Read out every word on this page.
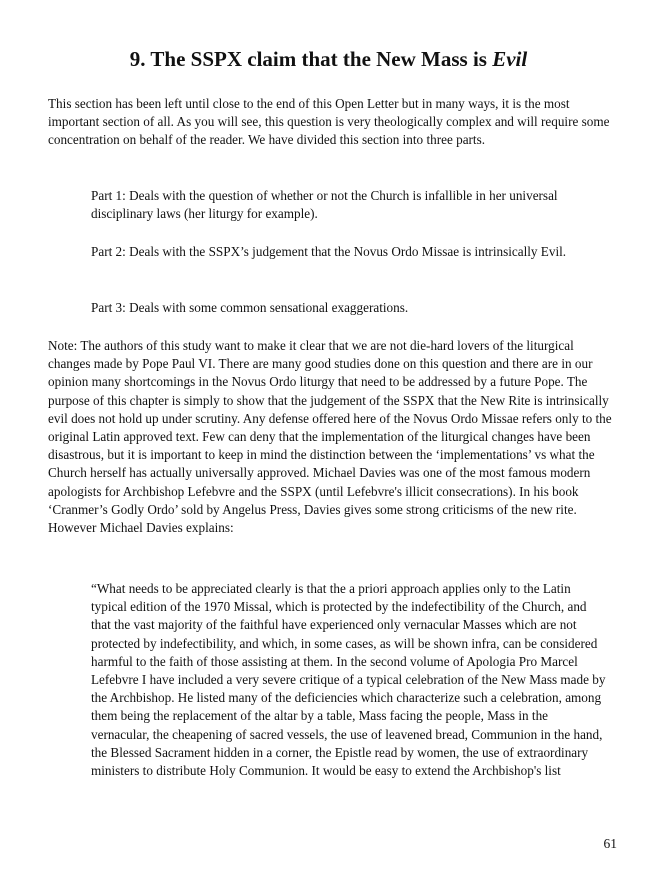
9. The SSPX claim that the New Mass is Evil

This section has been left until close to the end of this Open Letter but in many ways, it is the most important section of all. As you will see, this question is very theologically complex and will require some concentration on behalf of the reader. We have divided this section into three parts.

Part 1: Deals with the question of whether or not the Church is infallible in her universal disciplinary laws (her liturgy for example).

Part 2: Deals with the SSPX’s judgement that the Novus Ordo Missae is intrinsically Evil.

Part 3: Deals with some common sensational exaggerations.

Note: The authors of this study want to make it clear that we are not die-hard lovers of the liturgical changes made by Pope Paul VI. There are many good studies done on this question and there are in our opinion many shortcomings in the Novus Ordo liturgy that need to be addressed by a future Pope. The purpose of this chapter is simply to show that the judgement of the SSPX that the New Rite is intrinsically evil does not hold up under scrutiny. Any defense offered here of the Novus Ordo Missae refers only to the original Latin approved text. Few can deny that the implementation of the liturgical changes have been disastrous, but it is important to keep in mind the distinction between the ‘implementations’ vs what the Church herself has actually universally approved. Michael Davies was one of the most famous modern apologists for Archbishop Lefebvre and the SSPX (until Lefebvre's illicit consecrations). In his book ‘Cranmer’s Godly Ordo’ sold by Angelus Press, Davies gives some strong criticisms of the new rite. However Michael Davies explains:

“What needs to be appreciated clearly is that the a priori approach applies only to the Latin typical edition of the 1970 Missal, which is protected by the indefectibility of the Church, and that the vast majority of the faithful have experienced only vernacular Masses which are not protected by indefectibility, and which, in some cases, as will be shown infra, can be considered harmful to the faith of those assisting at them. In the second volume of Apologia Pro Marcel Lefebvre I have included a very severe critique of a typical celebration of the New Mass made by the Archbishop. He listed many of the deficiencies which characterize such a celebration, among them being the replacement of the altar by a table, Mass facing the people, Mass in the vernacular, the cheapening of sacred vessels, the use of leavened bread, Communion in the hand, the Blessed Sacrament hidden in a corner, the Epistle read by women, the use of extraordinary ministers to distribute Holy Communion. It would be easy to extend the Archbishop's list

61
